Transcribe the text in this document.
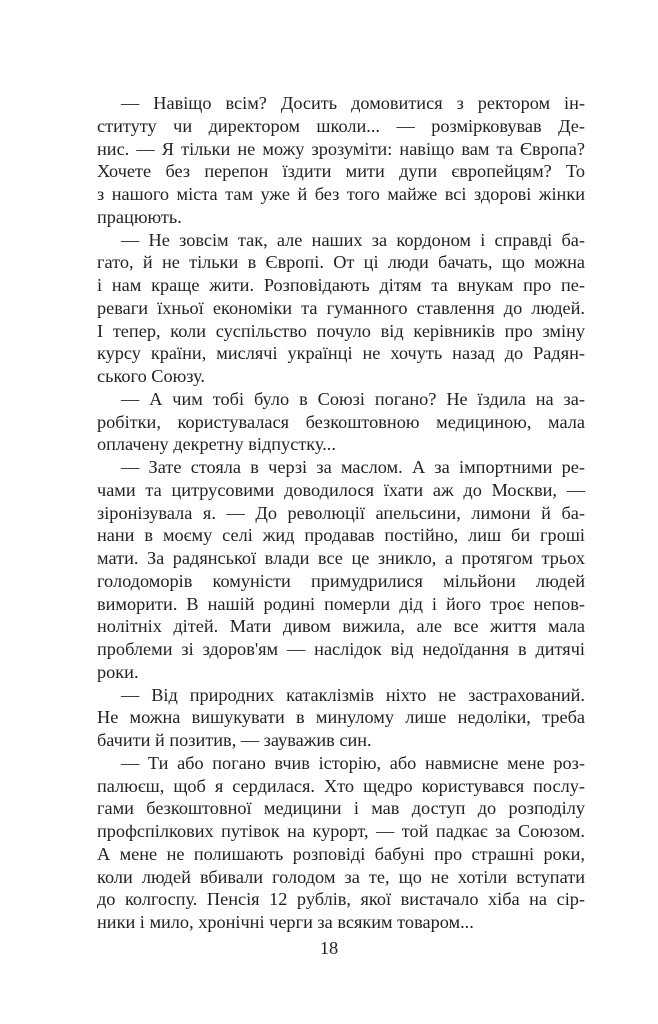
— Навіщо всім? Досить домовитися з ректором ін-
ституту чи директором школи... — розмірковував Де-
нис. — Я тільки не можу зрозуміти: навіщо вам та Європа?
Хочете без перепон їздити мити дупи європейцям? То
з нашого міста там уже й без того майже всі здорові жінки
працюють.
— Не зовсім так, але наших за кордоном і справді ба-
гато, й не тільки в Європі. От ці люди бачать, що можна
і нам краще жити. Розповідають дітям та внукам про пе-
реваги їхньої економіки та гуманного ставлення до людей.
І тепер, коли суспільство почуло від керівників про зміну
курсу країни, мислячі українці не хочуть назад до Радян-
ського Союзу.
— А чим тобі було в Союзі погано? Не їздила на за-
робітки, користувалася безкоштовною медициною, мала
оплачену декретну відпустку...
— Зате стояла в черзі за маслом. А за імпортними ре-
чами та цитрусовими доводилося їхати аж до Москви, —
зіронізувала я. — До революції апельсини, лимони й ба-
нани в моєму селі жид продавав постійно, лиш би гроші
мати. За радянської влади все це зникло, а протягом трьох
голодоморів комуністи примудрилися мільйони людей
виморити. В нашій родині померли дід і його троє непов-
нолітніх дітей. Мати дивом вижила, але все життя мала
проблеми зі здоров'ям — наслідок від недоїдання в дитячі
роки.
— Від природних катаклізмів ніхто не застрахований.
Не можна вишукувати в минулому лише недоліки, треба
бачити й позитив, — зауважив син.
— Ти або погано вчив історію, або навмисне мене роз-
палюєш, щоб я сердилася. Хто щедро користувався послу-
гами безкоштовної медицини і мав доступ до розподілу
профспілкових путівок на курорт, — той падкає за Союзом.
А мене не полишають розповіді бабуні про страшні роки,
коли людей вбивали голодом за те, що не хотіли вступати
до колгоспу. Пенсія 12 рублів, якої вистачало хіба на сір-
ники і мило, хронічні черги за всяким товаром...
18
